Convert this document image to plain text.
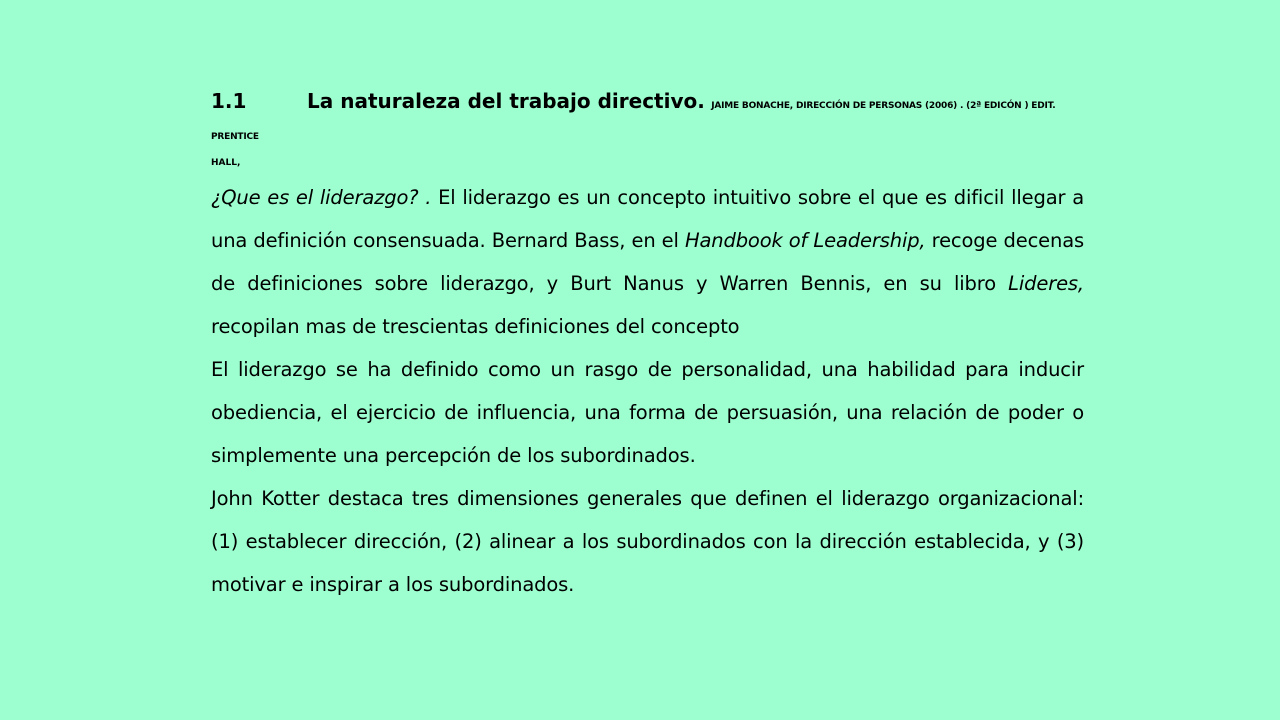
1.1	La naturaleza del trabajo directivo. JAIME BONACHE, DIRECCIÓN DE PERSONAS (2006) . (2ª EDICÓN ) EDIT. PRENTICE
HALL,

¿Que es el liderazgo? . El liderazgo es un concepto intuitivo sobre el que es dificil llegar a una definición consensuada. Bernard Bass, en el Handbook of Leadership, recoge decenas de definiciones sobre liderazgo, y Burt Nanus y Warren Bennis, en su libro Lideres, recopilan mas de trescientas definiciones del concepto

El liderazgo se ha definido como un rasgo de personalidad, una habilidad para inducir obediencia, el ejercicio de influencia, una forma de persuasión, una relación de poder o simplemente una percepción de los subordinados.

John Kotter destaca tres dimensiones generales que definen el liderazgo organizacional: (1) establecer dirección, (2) alinear a los subordinados con la dirección establecida, y (3) motivar e inspirar a los subordinados.
